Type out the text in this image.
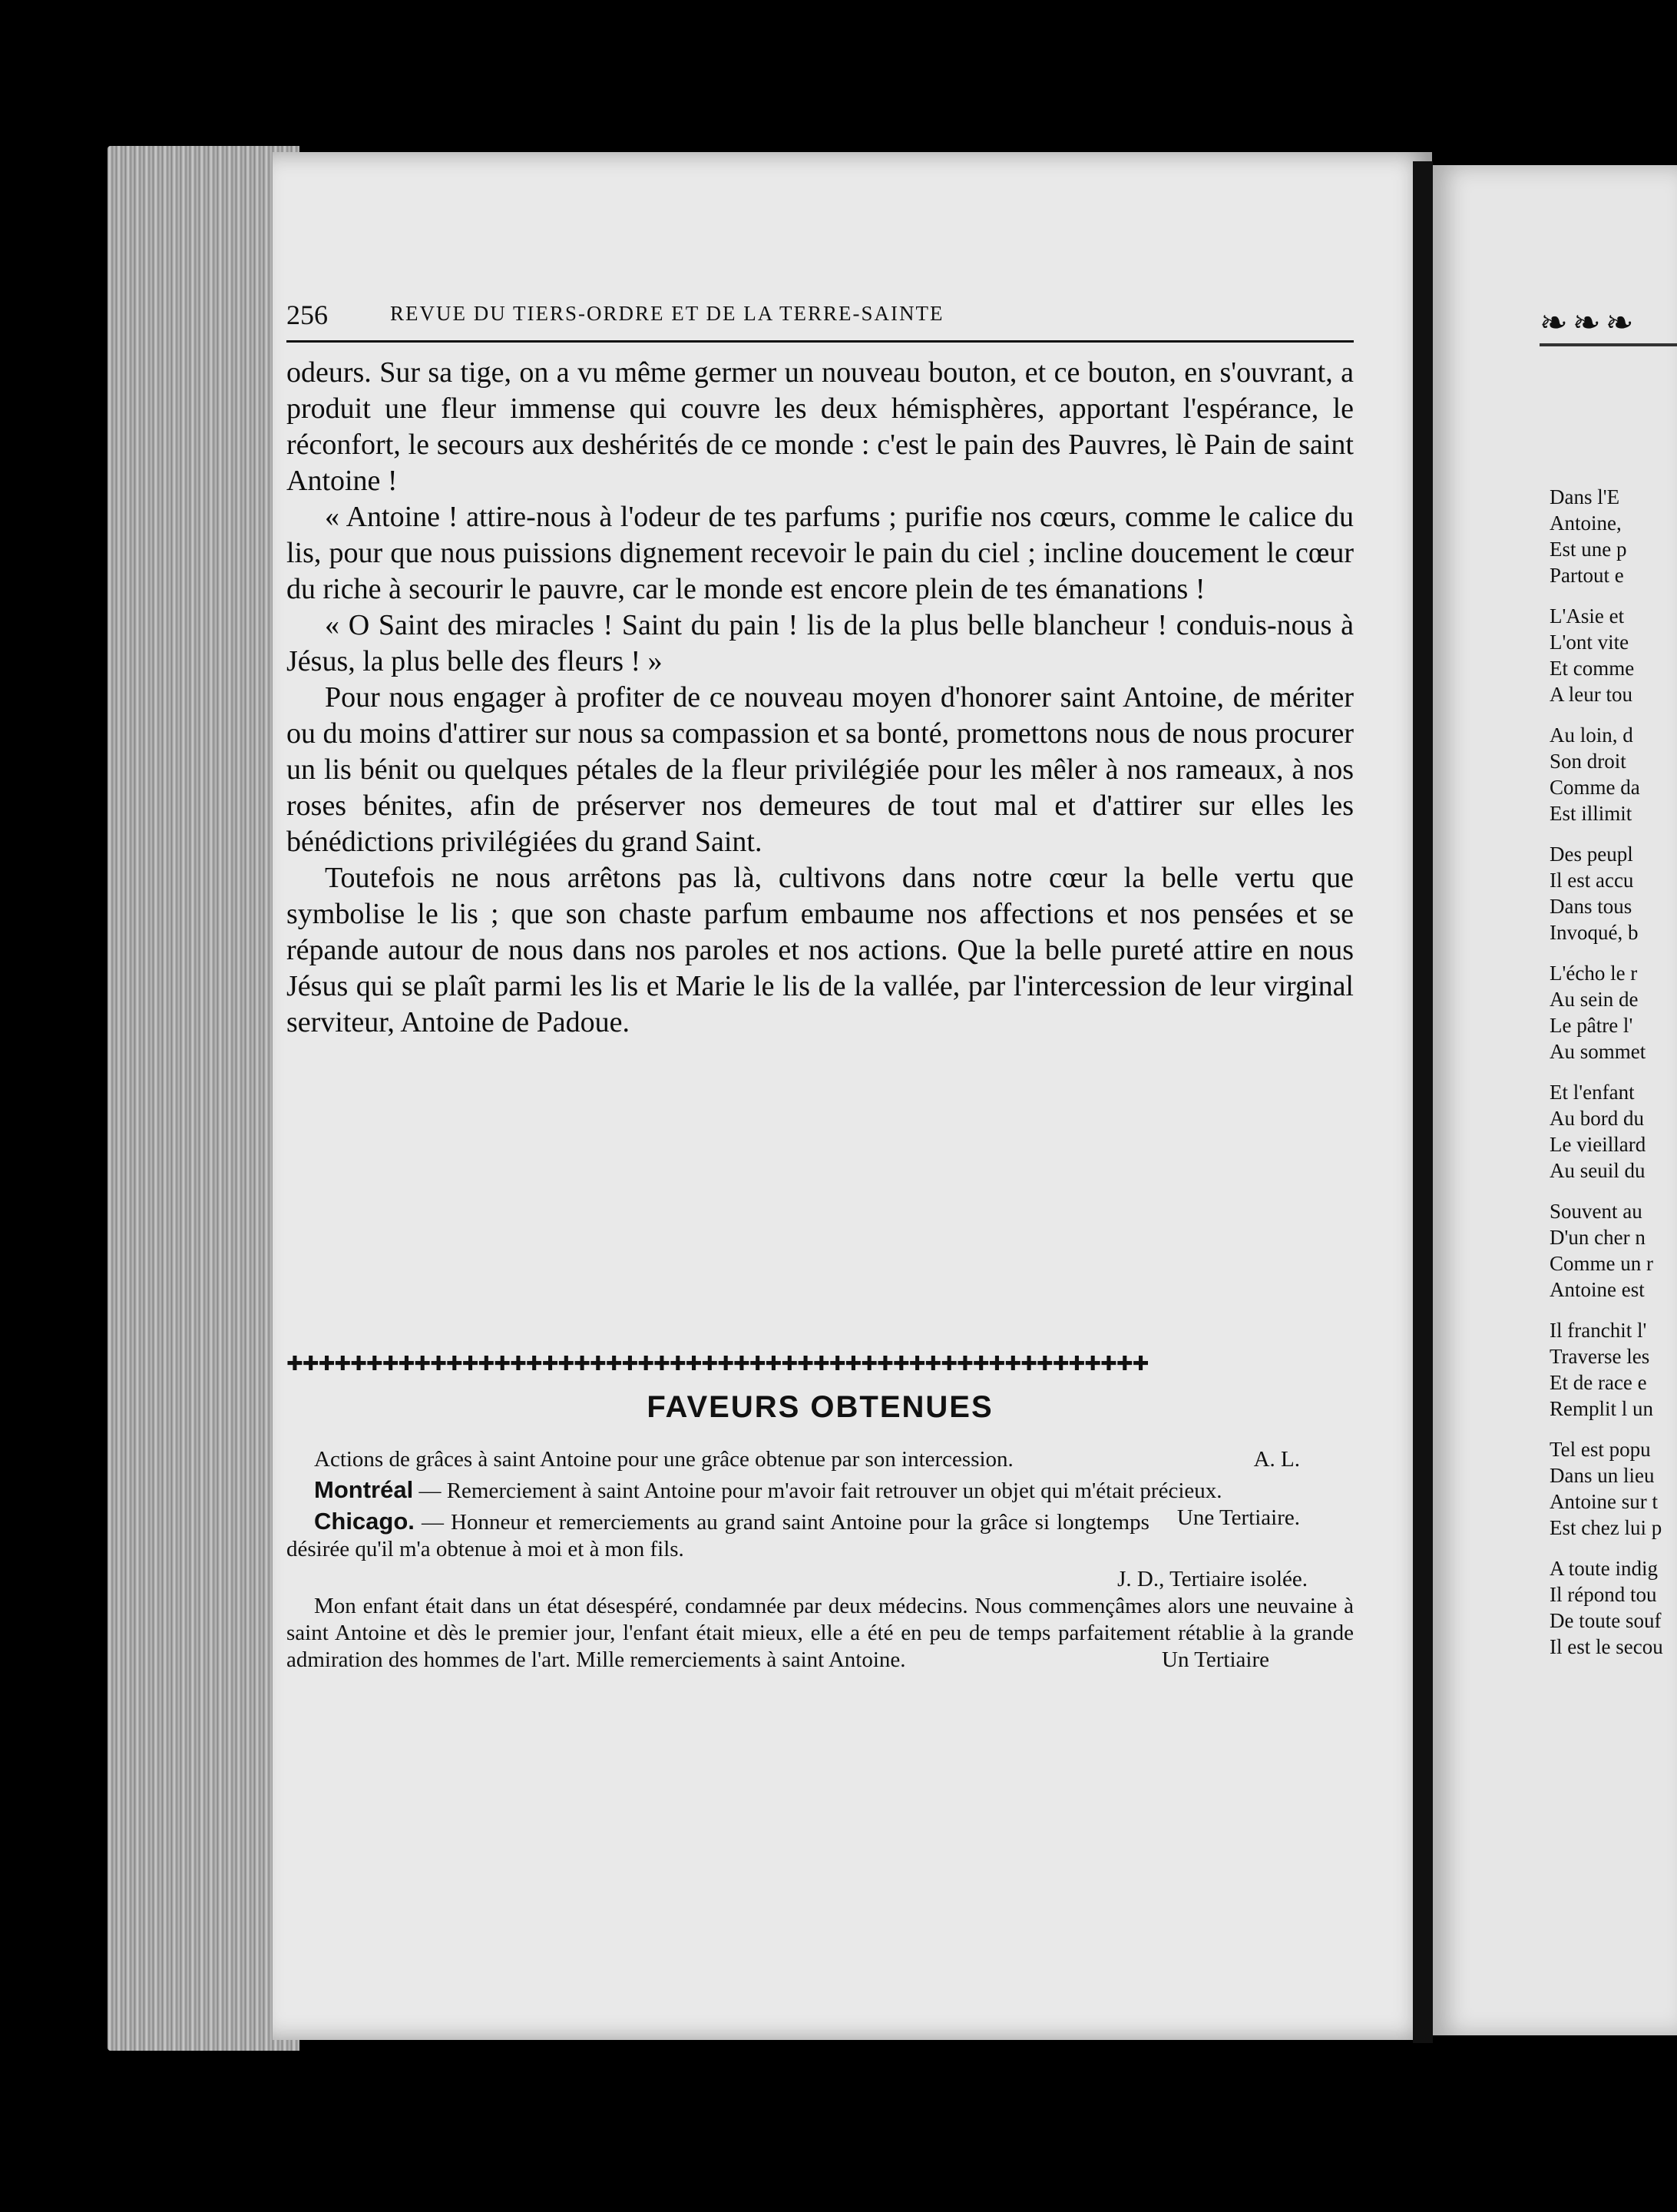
256	REVUE DU TIERS-ORDRE ET DE LA TERRE-SAINTE

odeurs. Sur sa tige, on a vu même germer un nouveau bouton, et ce bouton, en s'ouvrant, a produit une fleur immense qui couvre les deux hémisphères, apportant l'espérance, le réconfort, le secours aux deshérités de ce monde : c'est le pain des Pauvres, lè Pain de saint Antoine !

« Antoine ! attire-nous à l'odeur de tes parfums ; purifie nos cœurs, comme le calice du lis, pour que nous puissions dignement recevoir le pain du ciel ; incline doucement le cœur du riche à secourir le pauvre, car le monde est encore plein de tes émanations !

« O Saint des miracles ! Saint du pain ! lis de la plus belle blancheur ! conduis-nous à Jésus, la plus belle des fleurs ! »

Pour nous engager à profiter de ce nouveau moyen d'honorer saint Antoine, de mériter ou du moins d'attirer sur nous sa compassion et sa bonté, promettons nous de nous procurer un lis bénit ou quelques pétales de la fleur privilégiée pour les mêler à nos rameaux, à nos roses bénites, afin de préserver nos demeures de tout mal et d'attirer sur elles les bénédictions privilégiées du grand Saint.

Toutefois ne nous arrêtons pas là, cultivons dans notre cœur la belle vertu que symbolise le lis ; que son chaste parfum embaume nos affections et nos pensées et se répande autour de nous dans nos paroles et nos actions. Que la belle pureté attire en nous Jésus qui se plaît parmi les lis et Marie le lis de la vallée, par l'intercession de leur virginal serviteur, Antoine de Padoue.

✚✚✚✚✚✚✚✚✚✚✚✚✚✚✚✚✚✚✚✚✚✚✚✚✚✚✚✚✚✚✚✚✚✚✚✚✚✚✚✚✚✚✚✚✚✚✚✚✚✚✚✚✚✚
FAVEURS OBTENUES

Actions de grâces à saint Antoine pour une grâce obtenue par son intercession.	A. L.

Montréal — Remerciement à saint Antoine pour m'avoir fait retrouver un objet qui m'était précieux.
Une Tertiaire.

Chicago. — Honneur et remerciements au grand saint Antoine pour la grâce si longtemps désirée qu'il m'a obtenue à moi et à mon fils.

J. D., Tertiaire isolée.

Mon enfant était dans un état désespéré, condamnée par deux médecins. Nous commençâmes alors une neuvaine à saint Antoine et dès le premier jour, l'enfant était mieux, elle a été en peu de temps parfaitement rétablie à la grande admiration des hommes de l'art. Mille remerciements à saint Antoine.	Un Tertiaire

❧❧❧
Dans l'E
Antoine,
Est une p
Partout e
L'Asie et
L'ont vite
Et comme
A leur tou
Au loin, d
Son droit
Comme da
Est illimit
Des peupl
Il est accu
Dans tous
Invoqué, b
L'écho le r
Au sein de
Le pâtre l'
Au sommet
Et l'enfant
Au bord du
Le vieillard
Au seuil du
Souvent au
D'un cher n
Comme un r
Antoine est
Il franchit l'
Traverse les
Et de race e
Remplit l un
Tel est popu
Dans un lieu
Antoine sur t
Est chez lui p
A toute indig
Il répond tou
De toute souf
Il est le secou
